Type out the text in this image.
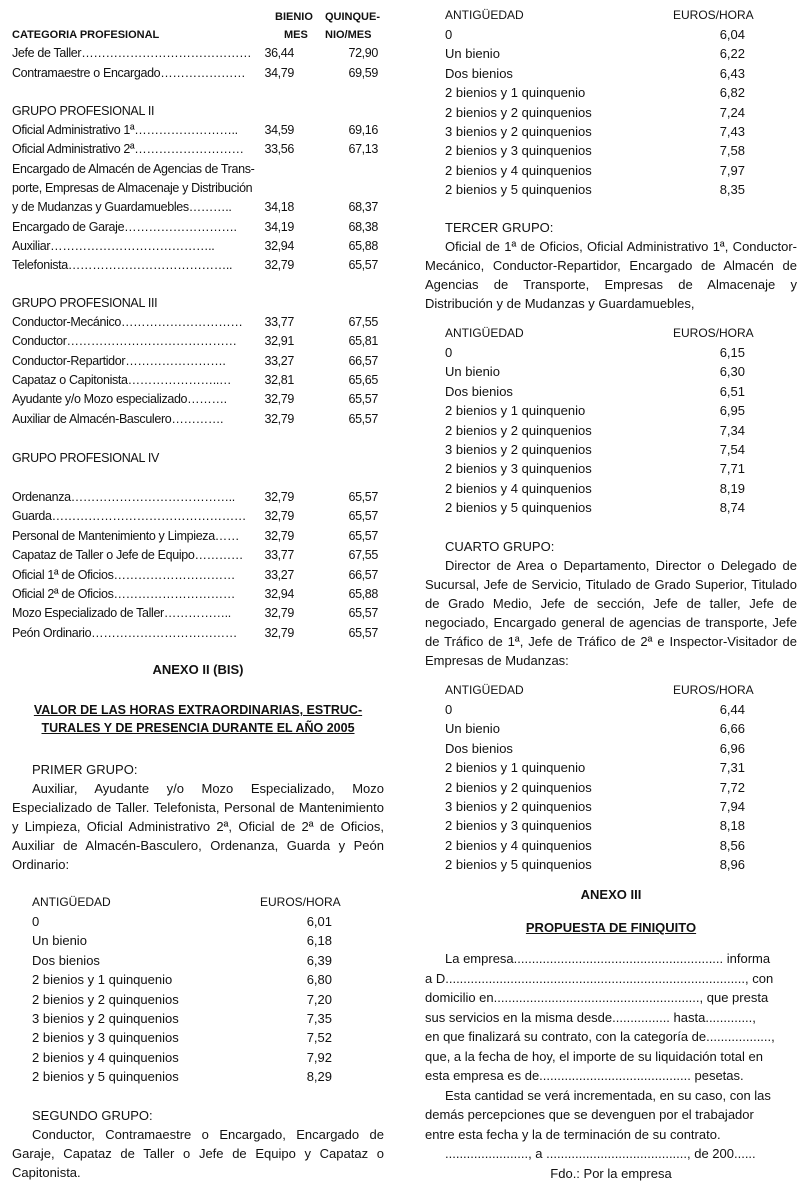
CATEGORIA PROFESIONAL
BIENIO
MES
QUINQUE-
NIO/MES
Jefe de Taller…………………………………… 36,44	72,90
Contramaestre o Encargado………………… 34,79	69,59
GRUPO PROFESIONAL II
Oficial Administrativo 1ª…………………….. 34,59	69,16
Oficial Administrativo 2ª……………………… 33,56	67,13
Encargado de Almacén de Agencias de Trans-
porte, Empresas de Almacenaje y Distribución
y de Mudanzas y Guardamuebles………..	34,18	68,37
Encargado de Garaje………………………. 34,19	68,38
Auxiliar…………………………………..	32,94	65,88
Telefonista…………………………………..	32,79	65,57
GRUPO PROFESIONAL III
Conductor-Mecánico………………………… 33,77	67,55
Conductor…………………………………… 32,91	65,81
Conductor-Repartidor…………………….	33,27	66,57
Capataz o Capitonista…………………..…	32,81	65,65
Ayudante y/o Mozo especializado……….	32,79	65,57
Auxiliar de Almacén-Basculero………….	32,79	65,57
GRUPO PROFESIONAL IV
Ordenanza………………………………….. 32,79	65,57
Guarda………………………………………… 32,79	65,57
Personal de Mantenimiento y Limpieza…… 32,79	65,57
Capataz de Taller o Jefe de Equipo………… 33,77	67,55
Oficial 1ª de Oficios………………………… 33,27	66,57
Oficial 2ª de Oficios………………………… 32,94	65,88
Mozo Especializado de Taller……………..	32,79	65,57
Peón Ordinario……………………………… 32,79	65,57
ANEXO II (BIS)
VALOR DE LAS HORAS EXTRAORDINARIAS, ESTRUC-
TURALES Y DE PRESENCIA DURANTE EL AÑO 2005
PRIMER GRUPO:
Auxiliar, Ayudante y/o Mozo Especializado, Mozo Especializado de Taller. Telefonista, Personal de Mantenimiento y Limpieza, Oficial Administrativo 2ª, Oficial de 2ª de Oficios, Auxiliar de Almacén-Basculero, Ordenanza, Guarda y Peón Ordinario:
ANTIGÜEDAD	EUROS/HORA
0	6,01
Un bienio	6,18
Dos bienios	6,39
2 bienios y 1 quinquenio	6,80
2 bienios y 2 quinquenios	7,20
3 bienios y 2 quinquenios	7,35
2 bienios y 3 quinquenios	7,52
2 bienios y 4 quinquenios	7,92
2 bienios y 5 quinquenios	8,29
SEGUNDO GRUPO:
Conductor, Contramaestre o Encargado, Encargado de Garaje, Capataz de Taller o Jefe de Equipo y Capataz o Capitonista.
ANTIGÜEDAD	EUROS/HORA
0	6,04
Un bienio	6,22
Dos bienios	6,43
2 bienios y 1 quinquenio	6,82
2 bienios y 2 quinquenios	7,24
3 bienios y 2 quinquenios	7,43
2 bienios y 3 quinquenios	7,58
2 bienios y 4 quinquenios	7,97
2 bienios y 5 quinquenios	8,35
TERCER GRUPO:
Oficial de 1ª de Oficios, Oficial Administrativo 1ª, Conductor-Mecánico, Conductor-Repartidor, Encargado de Almacén de Agencias de Transporte, Empresas de Almacenaje y Distribución y de Mudanzas y Guardamuebles,
ANTIGÜEDAD	EUROS/HORA
0	6,15
Un bienio	6,30
Dos bienios	6,51
2 bienios y 1 quinquenio	6,95
2 bienios y 2 quinquenios	7,34
3 bienios y 2 quinquenios	7,54
2 bienios y 3 quinquenios	7,71
2 bienios y 4 quinquenios	8,19
2 bienios y 5 quinquenios	8,74
CUARTO GRUPO:
Director de Area o Departamento, Director o Delegado de Sucursal, Jefe de Servicio, Titulado de Grado Superior, Titulado de Grado Medio, Jefe de sección, Jefe de taller, Jefe de negociado, Encargado general de agencias de transporte, Jefe de Tráfico de 1ª, Jefe de Tráfico de 2ª e Inspector-Visitador de Empresas de Mudanzas:
ANTIGÜEDAD	EUROS/HORA
0	6,44
Un bienio	6,66
Dos bienios	6,96
2 bienios y 1 quinquenio	7,31
2 bienios y 2 quinquenios	7,72
3 bienios y 2 quinquenios	7,94
2 bienios y 3 quinquenios	8,18
2 bienios y 4 quinquenios	8,56
2 bienios y 5 quinquenios	8,96
ANEXO III
PROPUESTA DE FINIQUITO
La empresa.......................................................... informa
a D..................................................................................., con
domicilio en........................................................., que presta
sus servicios en la misma desde................ hasta.............,
en que finalizará su contrato, con la categoría de..................,
que, a la fecha de hoy, el importe de su liquidación total en
esta empresa es de.......................................... pesetas.
Esta cantidad se verá incrementada, en su caso, con las
demás percepciones que se devenguen por el trabajador
entre esta fecha y la de terminación de su contrato.
......................., a ......................................., de 200......
Fdo.: Por la empresa
